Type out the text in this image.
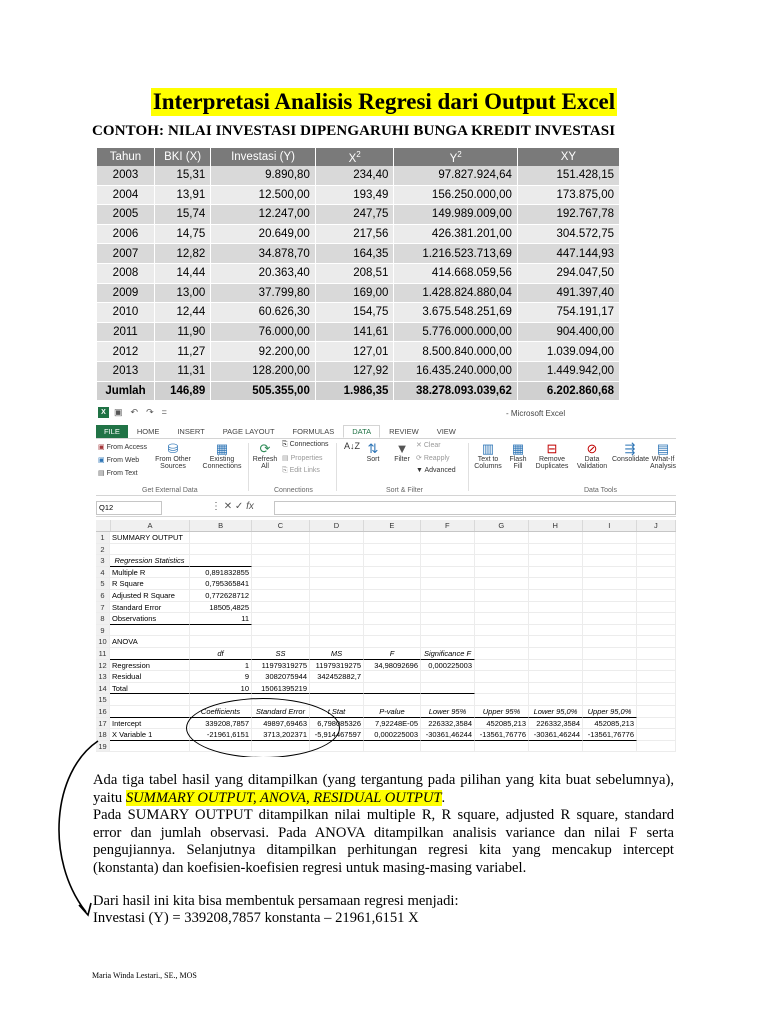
Interpretasi Analisis Regresi dari Output Excel
CONTOH: NILAI INVESTASI DIPENGARUHI BUNGA KREDIT INVESTASI
Tahun	BKI (X)	Investasi (Y)	$X^2$	$Y^2$	XY
2003	15,31	9.890,80	234,40	97.827.924,64	151.428,15
2004	13,91	12.500,00	193,49	156.250.000,00	173.875,00
2005	15,74	12.247,00	247,75	149.989.009,00	192.767,78
2006	14,75	20.649,00	217,56	426.381.201,00	304.572,75
2007	12,82	34.878,70	164,35	1.216.523.713,69	447.144,93
2008	14,44	20.363,40	208,51	414.668.059,56	294.047,50
2009	13,00	37.799,80	169,00	1.428.824.880,04	491.397,40
2010	12,44	60.626,30	154,75	3.675.548.251,69	754.191,17
2011	11,90	76.000,00	141,61	5.776.000.000,00	904.400,00
2012	11,27	92.200,00	127,01	8.500.840.000,00	1.039.094,00
2013	11,31	128.200,00	127,92	16.435.240.000,00	1.449.942,00
Jumlah	146,89	505.355,00	1.986,35	38.278.093.039,62	6.202.860,68
X ▣ ↶ ↷ =	- Microsoft Excel
FILE	HOME	INSERT	PAGE LAYOUT	FORMULAS	DATA	REVIEW	VIEW
▣ From Access
▣ From Web
▤ From Text
⛁
From Other Sources
▦
Existing Connections
⟳
Refresh All
⎘ Connections
▤ Properties
⎘ Edit Links
A↓Z ⇅
Sort
▼
Filter
✕ Clear
⟳ Reapply
▼ Advanced
▥
Text to Columns
▦
Flash Fill
⊟
Remove Duplicates
⊘
Data Validation
⇶
Consolidate
▤
What-If Analysis
Get External Data	Connections	Sort & Filter	Data Tools
Q12	⋮ ✕ ✓ fx
A	B	C	D	E	F	G	H	I	J
1 SUMMARY OUTPUT
2
3	Regression Statistics
4 Multiple R	0,891832855
5 R Square	0,795365841
6 Adjusted R Square	0,772628712
7 Standard Error	18505,4825
8 Observations	11
9
10 ANOVA
11	df	SS	MS	F	Significance F
12 Regression	1	11979319275	11979319275	34,98092696	0,000225003
13 Residual	9	3082075944	342452882,7
14 Total	10	15061395219
15
16	Coefficients	Standard Error	t Stat	P-value	Lower 95%	Upper 95%	Lower 95,0%	Upper 95,0%
17 Intercept	339208,7857	49897,69463	6,798085326	7,92248E-05	226332,3584	452085,213	226332,3584	452085,213
18 X Variable 1	-21961,6151	3713,202371	-5,914467597	0,000225003	-30361,46244	-13561,76776	-30361,46244	-13561,76776
19
Ada tiga tabel hasil yang ditampilkan (yang tergantung pada pilihan yang kita buat sebelumnya), yaitu SUMMARY OUTPUT, ANOVA, RESIDUAL OUTPUT.
Pada SUMARY OUTPUT ditampilkan nilai multiple R, R square, adjusted R square, standard error dan jumlah observasi. Pada ANOVA ditampilkan analisis variance dan nilai F serta pengujiannya. Selanjutnya ditampilkan perhitungan regresi kita yang mencakup intercept (konstanta) dan koefisien-koefisien regresi untuk masing-masing variabel.
Dari hasil ini kita bisa membentuk persamaan regresi menjadi:
Investasi (Y) = 339208,7857 konstanta – 21961,6151 X
Maria Winda Lestari., SE., MOS
